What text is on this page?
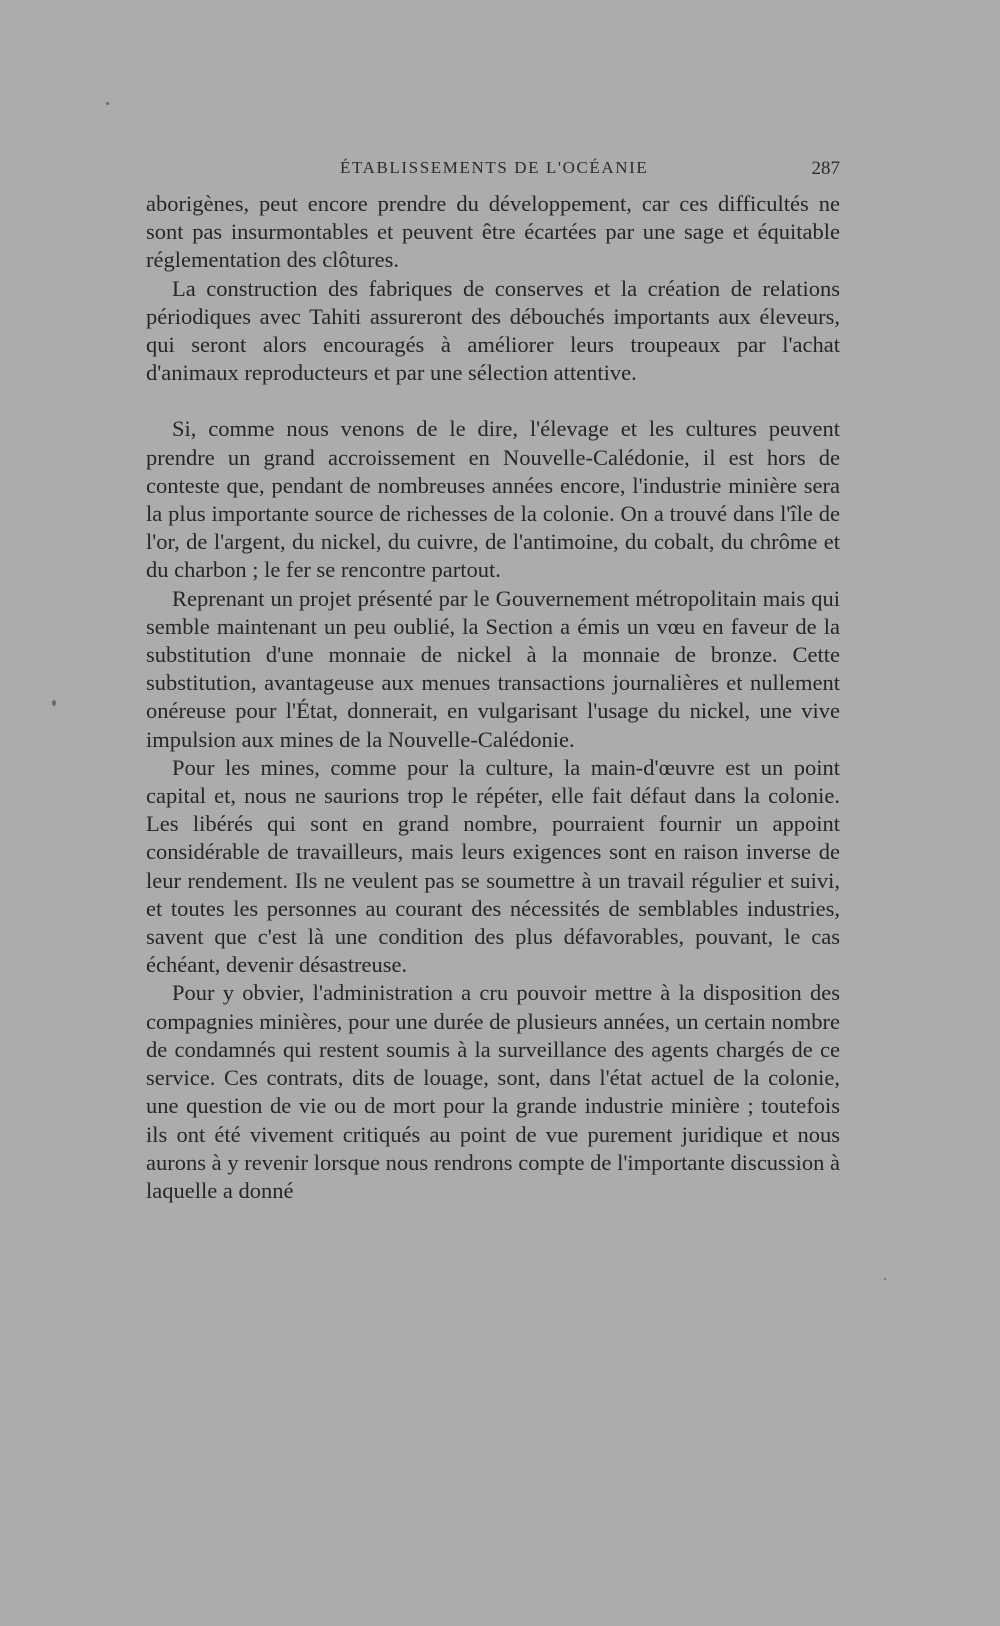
ÉTABLISSEMENTS DE L'OCÉANIE	287

aborigènes, peut encore prendre du développement, car ces difficultés ne sont pas insurmontables et peuvent être écartées par une sage et équitable réglementation des clôtures.

La construction des fabriques de conserves et la création de relations périodiques avec Tahiti assureront des débouchés importants aux éleveurs, qui seront alors encouragés à améliorer leurs troupeaux par l'achat d'animaux reproducteurs et par une sélection attentive.

Si, comme nous venons de le dire, l'élevage et les cultures peuvent prendre un grand accroissement en Nouvelle-Calédonie, il est hors de conteste que, pendant de nombreuses années encore, l'industrie minière sera la plus importante source de richesses de la colonie. On a trouvé dans l'île de l'or, de l'argent, du nickel, du cuivre, de l'antimoine, du cobalt, du chrôme et du charbon ; le fer se rencontre partout.

Reprenant un projet présenté par le Gouvernement métropolitain mais qui semble maintenant un peu oublié, la Section a émis un vœu en faveur de la substitution d'une monnaie de nickel à la monnaie de bronze. Cette substitution, avantageuse aux menues transactions journalières et nullement onéreuse pour l'État, donnerait, en vulgarisant l'usage du nickel, une vive impulsion aux mines de la Nouvelle-Calédonie.

Pour les mines, comme pour la culture, la main-d'œuvre est un point capital et, nous ne saurions trop le répéter, elle fait défaut dans la colonie. Les libérés qui sont en grand nombre, pourraient fournir un appoint considérable de travailleurs, mais leurs exigences sont en raison inverse de leur rendement. Ils ne veulent pas se soumettre à un travail régulier et suivi, et toutes les personnes au courant des nécessités de semblables industries, savent que c'est là une condition des plus défavorables, pouvant, le cas échéant, devenir désastreuse.

Pour y obvier, l'administration a cru pouvoir mettre à la disposition des compagnies minières, pour une durée de plusieurs années, un certain nombre de condamnés qui restent soumis à la surveillance des agents chargés de ce service. Ces contrats, dits de louage, sont, dans l'état actuel de la colonie, une question de vie ou de mort pour la grande industrie minière ; toutefois ils ont été vivement critiqués au point de vue purement juridique et nous aurons à y revenir lorsque nous rendrons compte de l'importante discussion à laquelle a donné
